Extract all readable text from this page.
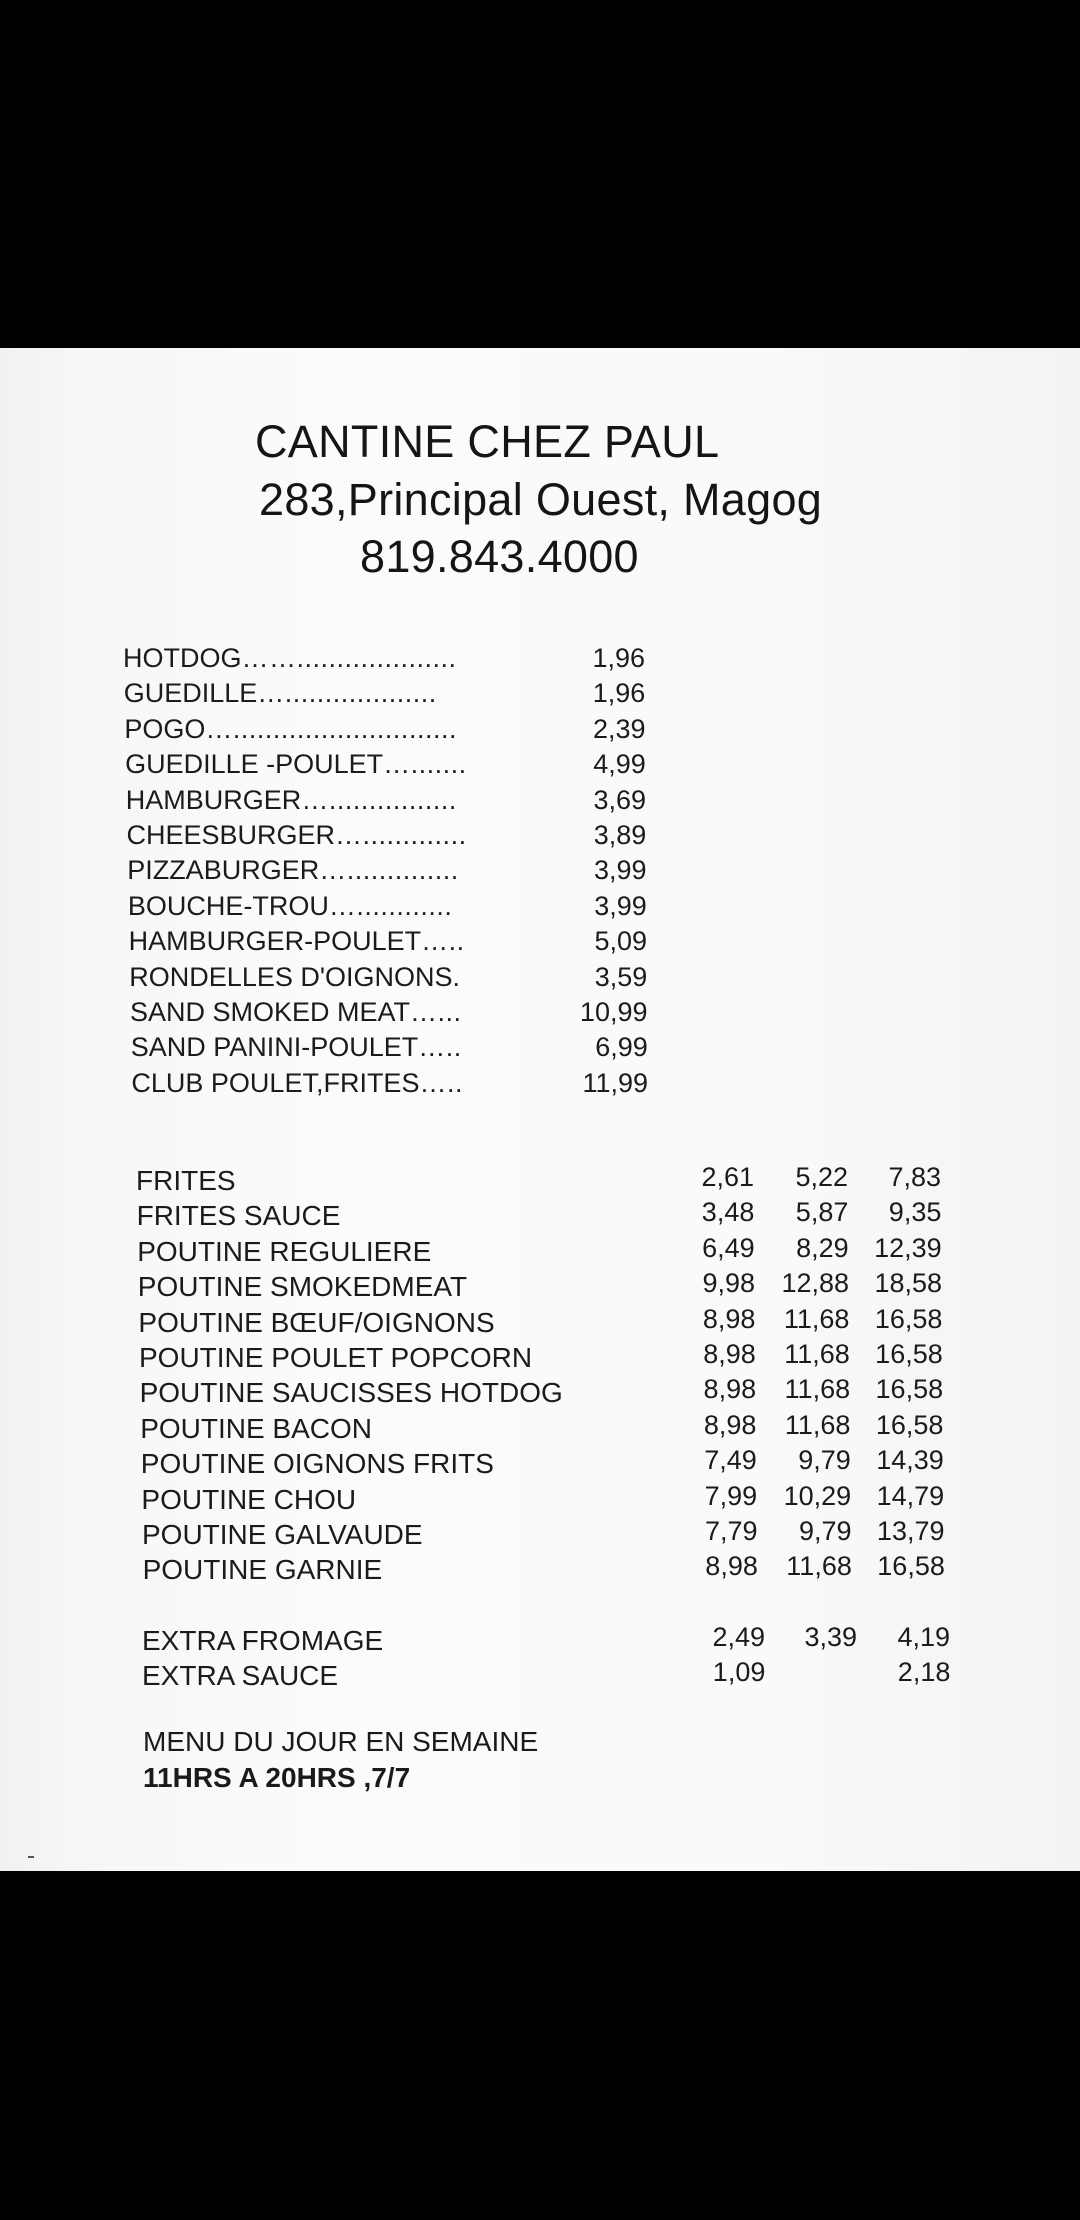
CANTINE CHEZ PAUL
283,Principal Ouest, Magog
819.843.4000
HOTDOG……....................	1,96
GUEDILLE…...................	1,96
POGO…............................	2,39
GUEDILLE -POULET….......	4,99
HAMBURGER…................	3,69
CHEESBURGER….............	3,89
PIZZABURGER…..............	3,99
BOUCHE-TROU…............	3,99
HAMBURGER-POULET…..	5,09
RONDELLES D'OIGNONS.	3,59
SAND SMOKED MEAT…...	10,99
SAND PANINI-POULET…..	6,99
CLUB POULET,FRITES…..	11,99
FRITES	2,61 5,22 7,83
FRITES SAUCE	3,48 5,87 9,35
POUTINE REGULIERE	6,49 8,29 12,39
POUTINE SMOKEDMEAT	9,98 12,88 18,58
POUTINE BŒUF/OIGNONS	8,98 11,68 16,58
POUTINE POULET POPCORN	8,98 11,68 16,58
POUTINE SAUCISSES HOTDOG	8,98 11,68 16,58
POUTINE BACON	8,98 11,68 16,58
POUTINE OIGNONS FRITS	7,49 9,79 14,39
POUTINE CHOU	7,99 10,29 14,79
POUTINE GALVAUDE	7,79 9,79 13,79
POUTINE GARNIE	8,98 11,68 16,58
EXTRA FROMAGE	2,49 3,39 4,19
EXTRA SAUCE	1,09	2,18
MENU DU JOUR EN SEMAINE
11HRS A 20HRS ,7/7
